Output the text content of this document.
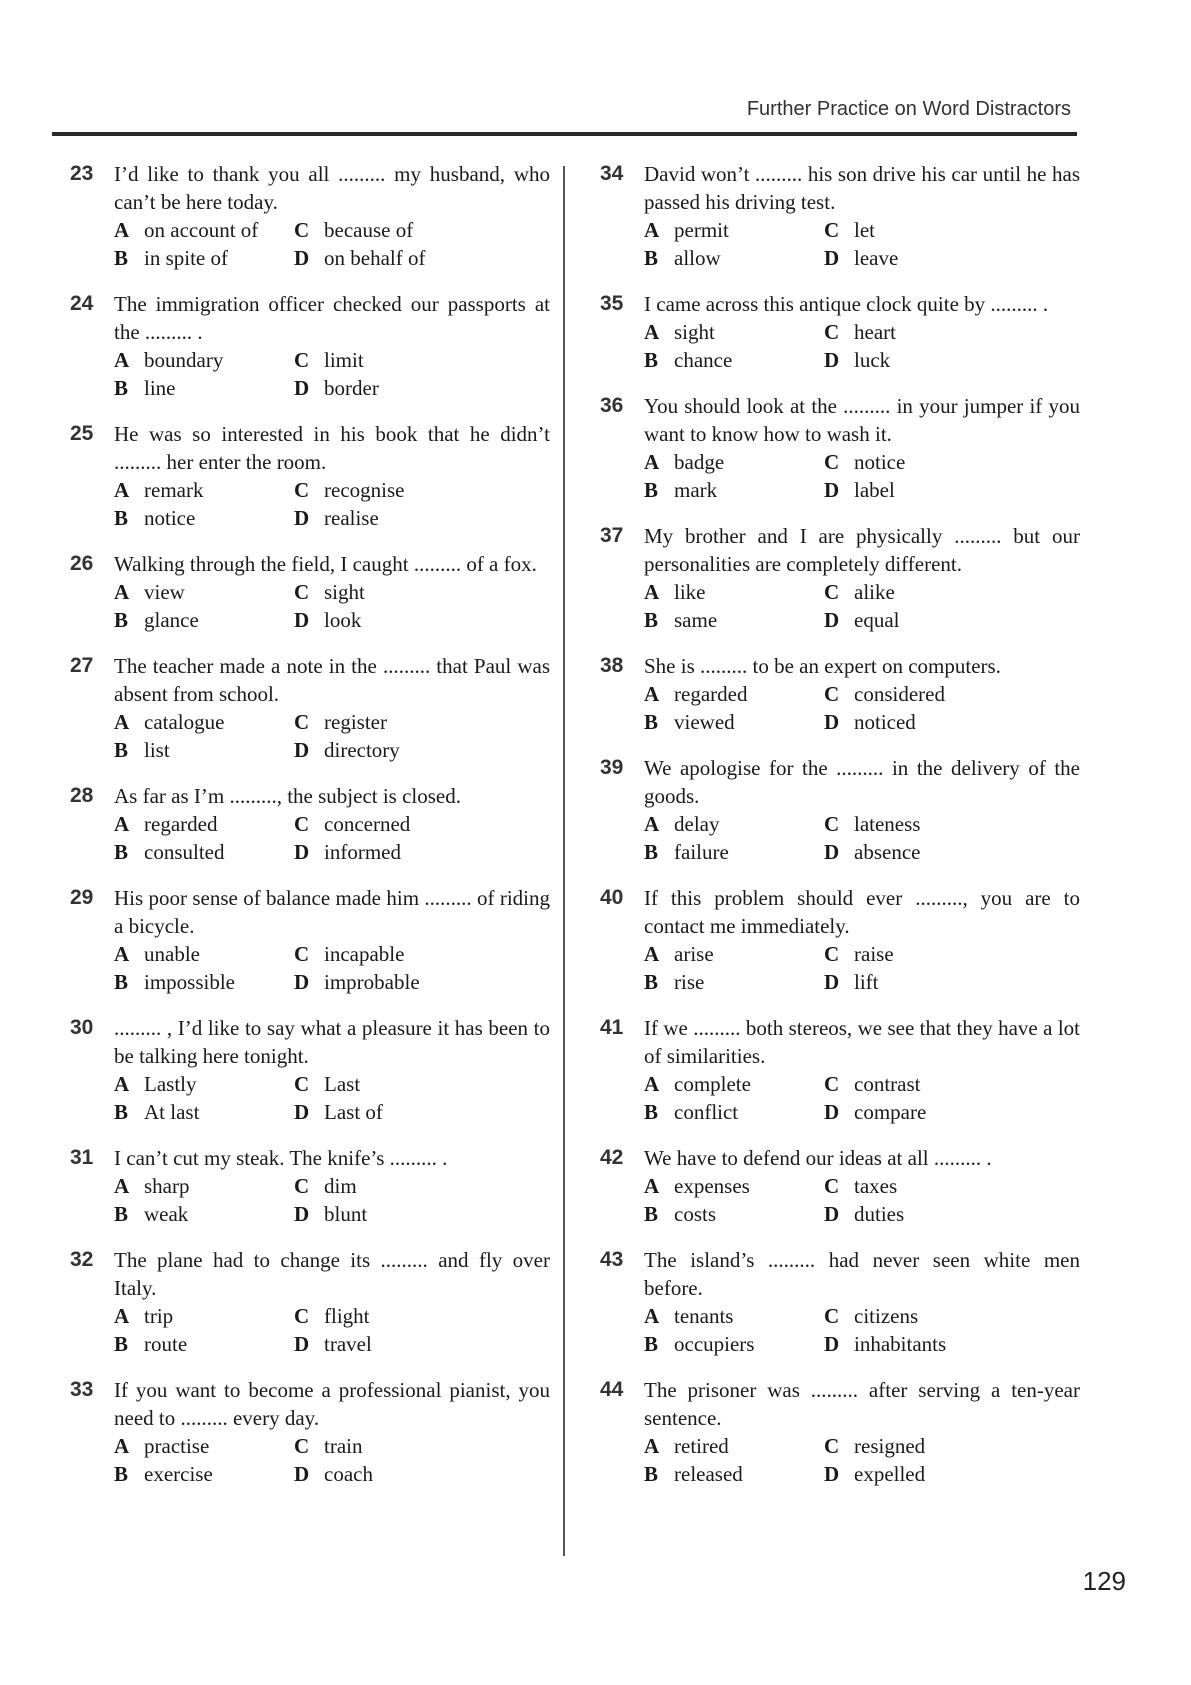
Further Practice on Word Distractors
23 I’d like to thank you all ......... my husband, who can’t be here today.
A on account of	C because of
B in spite of	D on behalf of
24 The immigration officer checked our passports at the ......... .
A boundary	C limit
B line	D border
25 He was so interested in his book that he didn’t ......... her enter the room.
A remark	C recognise
B notice	D realise
26 Walking through the field, I caught ......... of a fox.
A view	C sight
B glance	D look
27 The teacher made a note in the ......... that Paul was absent from school.
A catalogue	C register
B list	D directory
28 As far as I’m ........., the subject is closed.
A regarded	C concerned
B consulted	D informed
29 His poor sense of balance made him ......... of riding a bicycle.
A unable	C incapable
B impossible	D improbable
30 ......... , I’d like to say what a pleasure it has been to be talking here tonight.
A Lastly	C Last
B At last	D Last of
31 I can’t cut my steak. The knife’s ......... .
A sharp	C dim
B weak	D blunt
32 The plane had to change its ......... and fly over Italy.
A trip	C flight
B route	D travel
33 If you want to become a professional pianist, you need to ......... every day.
A practise	C train
B exercise	D coach
34 David won’t ......... his son drive his car until he has passed his driving test.
A permit	C let
B allow	D leave
35 I came across this antique clock quite by ......... .
A sight	C heart
B chance	D luck
36 You should look at the ......... in your jumper if you want to know how to wash it.
A badge	C notice
B mark	D label
37 My brother and I are physically ......... but our personalities are completely different.
A like	C alike
B same	D equal
38 She is ......... to be an expert on computers.
A regarded	C considered
B viewed	D noticed
39 We apologise for the ......... in the delivery of the goods.
A delay	C lateness
B failure	D absence
40 If this problem should ever ........., you are to contact me immediately.
A arise	C raise
B rise	D lift
41 If we ......... both stereos, we see that they have a lot of similarities.
A complete	C contrast
B conflict	D compare
42 We have to defend our ideas at all ......... .
A expenses	C taxes
B costs	D duties
43 The island’s ......... had never seen white men before.
A tenants	C citizens
B occupiers	D inhabitants
44 The prisoner was ......... after serving a ten-year sentence.
A retired	C resigned
B released	D expelled
129
